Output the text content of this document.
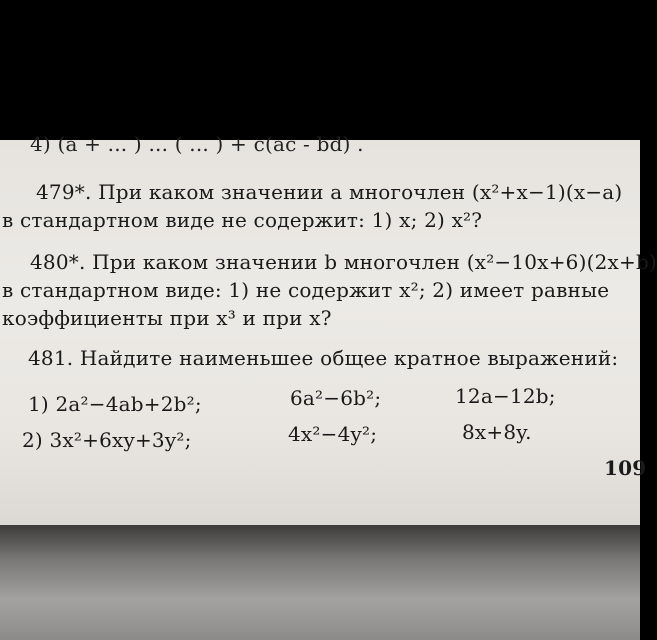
4) (a + ... ) ... ( ... ) + c(ac - bd) .
479*. При каком значении a многочлен (x²+x−1)(x−a)
в стандартном виде не содержит: 1) x; 2) x²?
480*. При каком значении b многочлен (x²−10x+6)(2x+b)
в стандартном виде: 1) не содержит x²; 2) имеет равные
коэффициенты при x³ и при x?
481. Найдите наименьшее общее кратное выражений:
1) 2a²−4ab+2b²;	6a²−6b²;	12a−12b;
2) 3x²+6xy+3y²;	4x²−4y²;	8x+8y.
109
